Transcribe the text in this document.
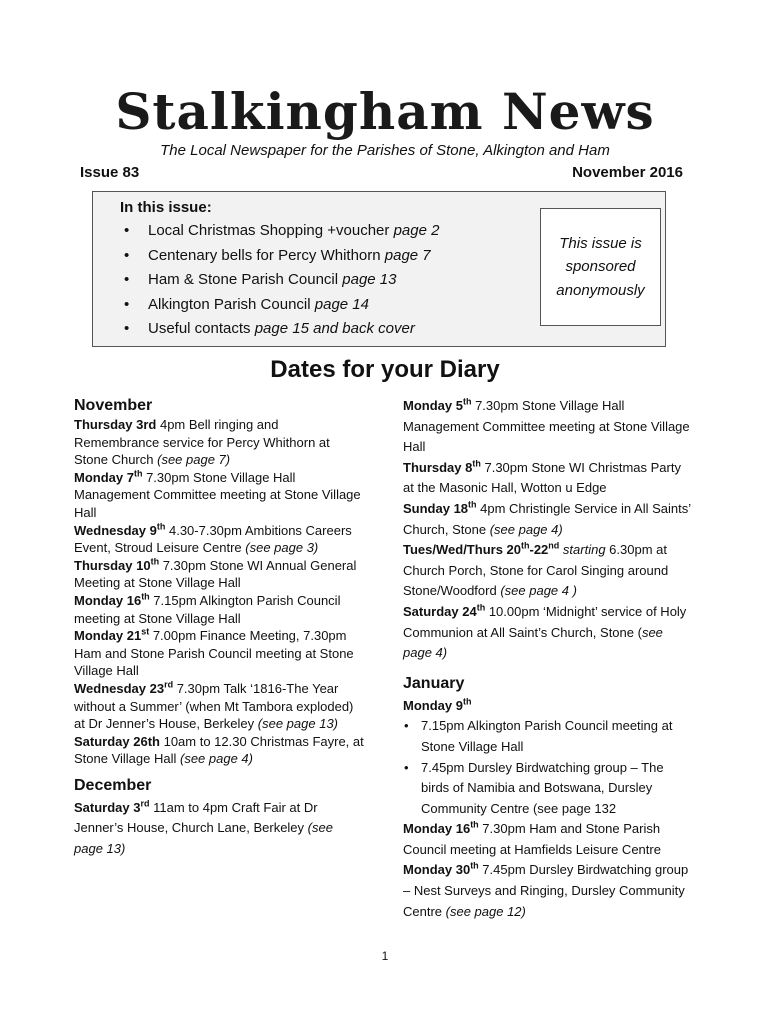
Stalkingham News
The Local Newspaper for the Parishes of Stone, Alkington and Ham
Issue 83	November 2016
In this issue:
• Local Christmas Shopping +voucher page 2
• Centenary bells for Percy Whithorn page 7
• Ham & Stone Parish Council page 13
• Alkington Parish Council page 14
• Useful contacts page 15 and back cover
This issue is sponsored anonymously
Dates for your Diary
November

Thursday 3rd 4pm Bell ringing and Remembrance service for Percy Whithorn at Stone Church (see page 7)

Monday 7th 7.30pm Stone Village Hall Management Committee meeting at Stone Village Hall

Wednesday 9th 4.30-7.30pm Ambitions Careers Event, Stroud Leisure Centre (see page 3)

Thursday 10th 7.30pm Stone WI Annual General Meeting at Stone Village Hall

Monday 16th 7.15pm Alkington Parish Council meeting at Stone Village Hall

Monday 21st 7.00pm Finance Meeting, 7.30pm Ham and Stone Parish Council meeting at Stone Village Hall

Wednesday 23rd 7.30pm Talk ‘1816-The Year without a Summer’ (when Mt Tambora exploded) at Dr Jenner’s House, Berkeley (see page 13)

Saturday 26th 10am to 12.30 Christmas Fayre, at Stone Village Hall (see page 4)

December

Saturday 3rd 11am to 4pm Craft Fair at Dr Jenner’s House, Church Lane, Berkeley (see page 13)

Monday 5th 7.30pm Stone Village Hall Management Committee meeting at Stone Village Hall

Thursday 8th 7.30pm Stone WI Christmas Party at the Masonic Hall, Wotton u Edge

Sunday 18th 4pm Christingle Service in All Saints’ Church, Stone (see page 4)

Tues/Wed/Thurs 20th-22nd starting 6.30pm at Church Porch, Stone for Carol Singing around Stone/Woodford (see page 4 )

Saturday 24th 10.00pm ‘Midnight’ service of Holy Communion at All Saint’s Church, Stone (see page 4)

January

Monday 9th

• 7.15pm Alkington Parish Council meeting at Stone Village Hall
• 7.45pm Dursley Birdwatching group – The birds of Namibia and Botswana, Dursley Community Centre (see page 132

Monday 16th 7.30pm Ham and Stone Parish Council meeting at Hamfields Leisure Centre

Monday 30th 7.45pm Dursley Birdwatching group – Nest Surveys and Ringing, Dursley Community Centre (see page 12)

1
